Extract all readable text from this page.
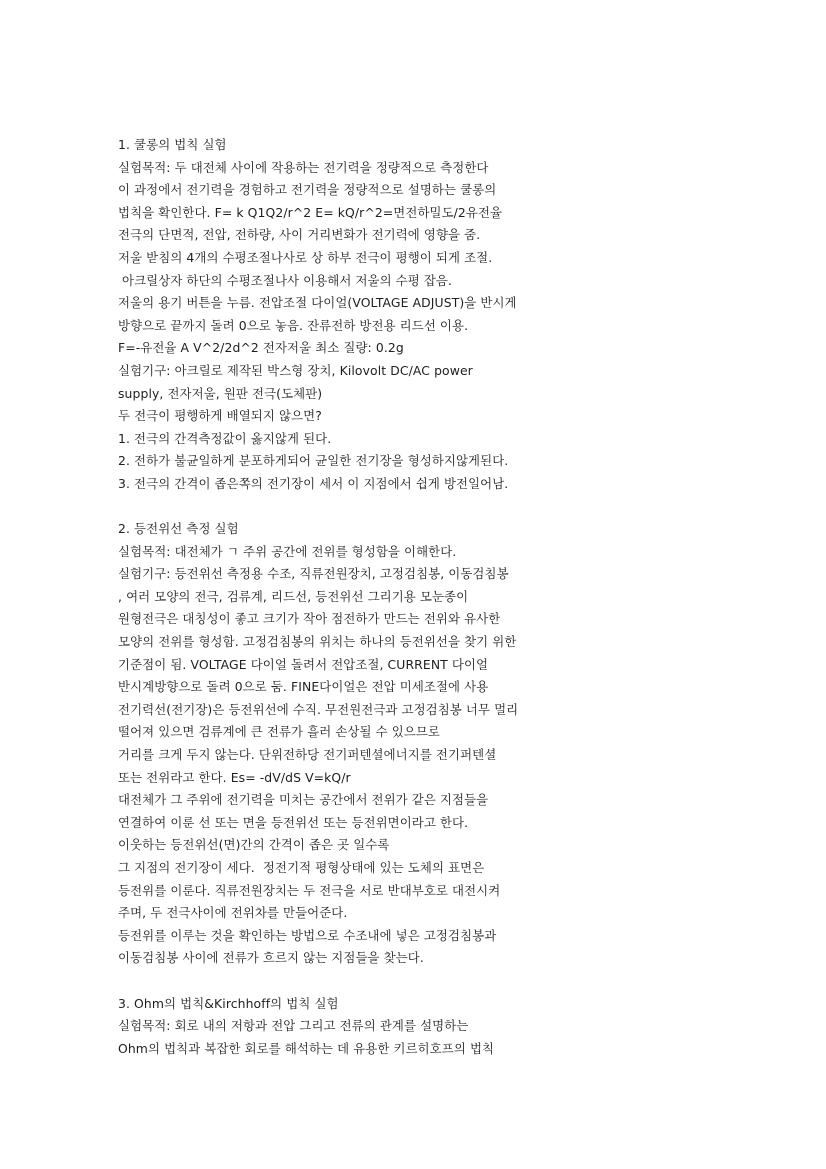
1. 쿨롱의 법칙 실험
실험목적: 두 대전체 사이에 작용하는 전기력을 정량적으로 측정한다
이 과정에서 전기력을 경험하고 전기력을 정량적으로 설명하는 쿨롱의
법칙을 확인한다. F= k Q1Q2/r^2 E= kQ/r^2=면전하밀도/2유전율
전극의 단면적, 전압, 전하량, 사이 거리변화가 전기력에 영향을 줌.
저울 받침의 4개의 수평조절나사로 상 하부 전극이 평행이 되게 조절.
아크릴상자 하단의 수평조절나사 이용해서 저울의 수평 잡음.
저울의 용기 버튼을 누름. 전압조절 다이얼(VOLTAGE ADJUST)을 반시게
방향으로 끝까지 돌려 0으로 놓음. 잔류전하 방전용 리드선 이용.
F=-유전율 A V^2/2d^2 전자저울 최소 질량: 0.2g
실험기구: 아크릴로 제작된 박스형 장치, Kilovolt DC/AC power
supply, 전자저울, 원판 전극(도체판)
두 전극이 평행하게 배열되지 않으면?
1. 전극의 간격측정값이 옳지않게 된다.
2. 전하가 불균일하게 분포하게되어 균일한 전기장을 형성하지않게된다.
3. 전극의 간격이 좁은쪽의 전기장이 세서 이 지점에서 쉽게 방전일어남.
2. 등전위선 측정 실험
실험목적: 대전체가 ㄱ 주위 공간에 전위를 형성함을 이해한다.
실험기구: 등전위선 측정용 수조, 직류전원장치, 고정검침봉, 이동검침봉
, 여러 모양의 전극, 검류계, 리드선, 등전위선 그리기용 모눈종이
원형전극은 대칭성이 좋고 크기가 작아 점전하가 만드는 전위와 유사한
모양의 전위를 형성함. 고정검침봉의 위치는 하나의 등전위선을 찾기 위한
기준점이 됨. VOLTAGE 다이얼 돌려서 전압조절, CURRENT 다이얼
반시계방향으로 돌려 0으로 둠. FINE다이얼은 전압 미세조절에 사용
전기력선(전기장)은 등전위선에 수직. 무전원전극과 고정검침봉 너무 멀리
떨어져 있으면 검류계에 큰 전류가 흘러 손상될 수 있으므로
거리를 크게 두지 않는다. 단위전하당 전기퍼텐셜에너지를 전기퍼텐셜
또는 전위라고 한다. Es= -dV/dS V=kQ/r
대전체가 그 주위에 전기력을 미치는 공간에서 전위가 같은 지점들을
연결하여 이룬 선 또는 면을 등전위선 또는 등전위면이라고 한다.
이웃하는 등전위선(면)간의 간격이 좁은 곳 일수록
그 지점의 전기장이 세다.  정전기적 평형상태에 있는 도체의 표면은
등전위를 이룬다. 직류전원장치는 두 전극을 서로 반대부호로 대전시켜
주며, 두 전극사이에 전위차를 만들어준다.
등전위를 이루는 것을 확인하는 방법으로 수조내에 넣은 고정검침봉과
이동검침봉 사이에 전류가 흐르지 않는 지점들을 찾는다.
3. Ohm의 법칙&Kirchhoff의 법칙 실험
실험목적: 회로 내의 저항과 전압 그리고 전류의 관계를 설명하는
Ohm의 법칙과 복잡한 회로를 해석하는 데 유용한 키르히호프의 법칙
